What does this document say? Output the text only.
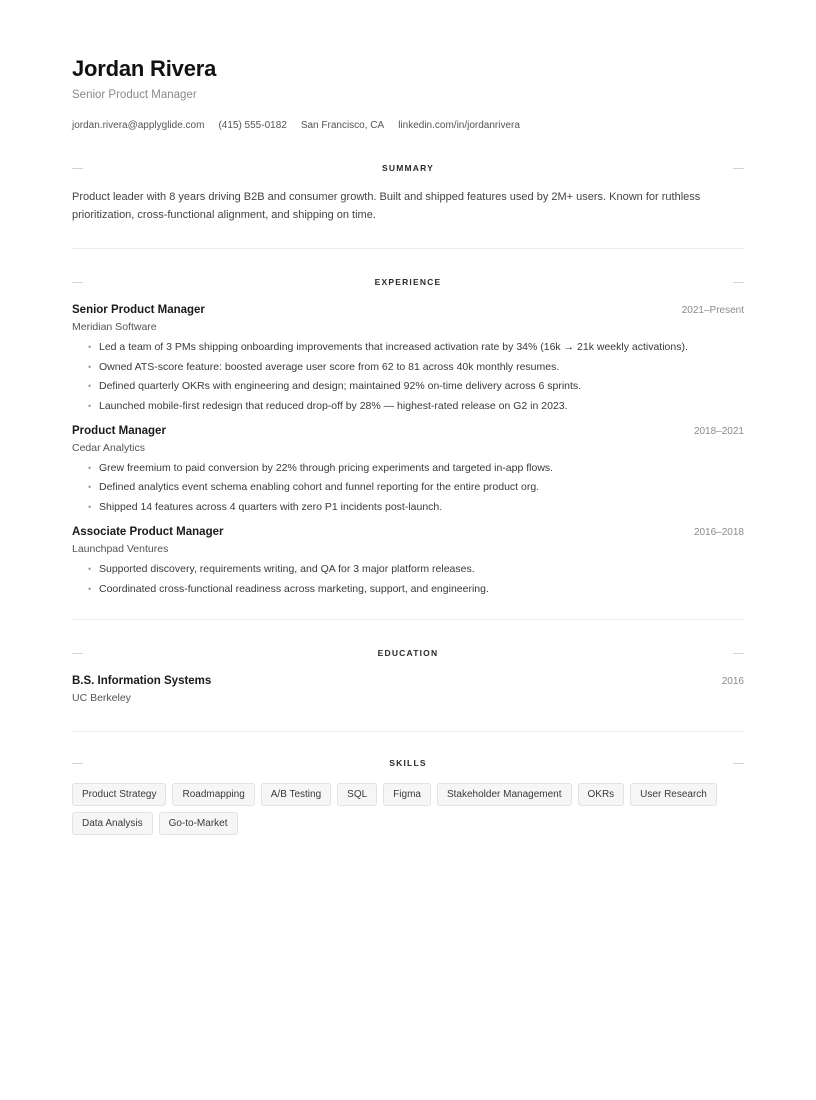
Jordan Rivera
Senior Product Manager
jordan.rivera@applyglide.com (415) 555-0182 San Francisco, CA linkedin.com/in/jordanrivera
SUMMARY

Product leader with 8 years driving B2B and consumer growth. Built and shipped features used by 2M+ users. Known for ruthless prioritization, cross-functional alignment, and shipping on time.

EXPERIENCE
Senior Product Manager	2021–Present
Meridian Software
• Led a team of 3 PMs shipping onboarding improvements that increased activation rate by 34% (16k → 21k weekly activations).
• Owned ATS-score feature: boosted average user score from 62 to 81 across 40k monthly resumes.
• Defined quarterly OKRs with engineering and design; maintained 92% on-time delivery across 6 sprints.
• Launched mobile-first redesign that reduced drop-off by 28% — highest-rated release on G2 in 2023.
Product Manager	2018–2021
Cedar Analytics
• Grew freemium to paid conversion by 22% through pricing experiments and targeted in-app flows.
• Defined analytics event schema enabling cohort and funnel reporting for the entire product org.
• Shipped 14 features across 4 quarters with zero P1 incidents post-launch.
Associate Product Manager	2016–2018
Launchpad Ventures
• Supported discovery, requirements writing, and QA for 3 major platform releases.
• Coordinated cross-functional readiness across marketing, support, and engineering.
EDUCATION
B.S. Information Systems	2016
UC Berkeley
SKILLS
Product Strategy	Roadmapping	A/B Testing	SQL	Figma	Stakeholder Management	OKRs	User Research
Data Analysis	Go-to-Market
